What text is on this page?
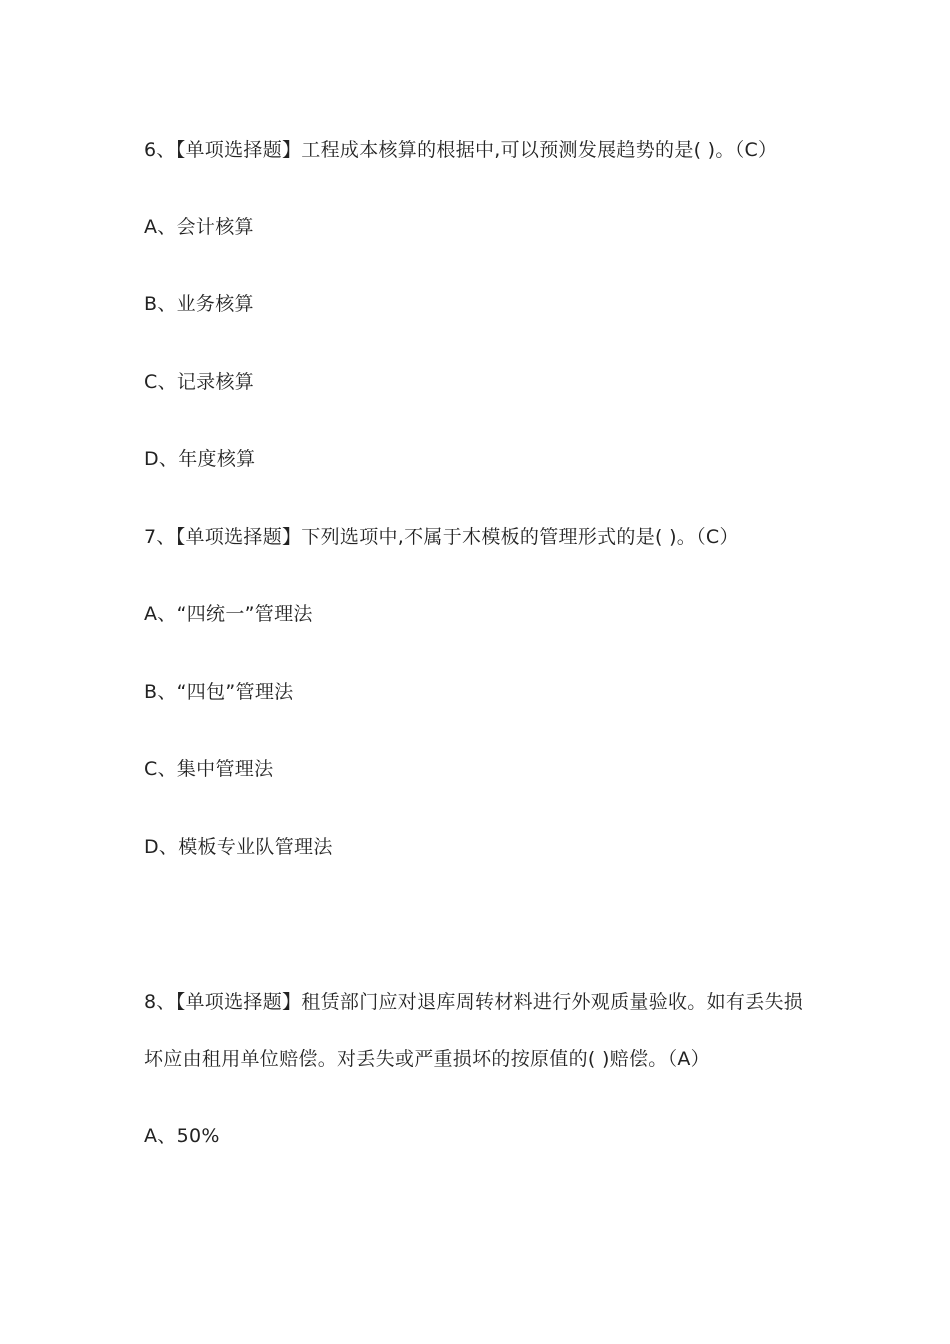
6、【单项选择题】工程成本核算的根据中,可以预测发展趋势的是( )。（C）
A、会计核算
B、业务核算
C、记录核算
D、年度核算
7、【单项选择题】下列选项中,不属于木模板的管理形式的是( )。（C）
A、“四统一”管理法
B、“四包”管理法
C、集中管理法
D、模板专业队管理法
8、【单项选择题】租赁部门应对退库周转材料进行外观质量验收。如有丢失损
坏应由租用单位赔偿。对丢失或严重损坏的按原值的( )赔偿。（A）
A、50%
